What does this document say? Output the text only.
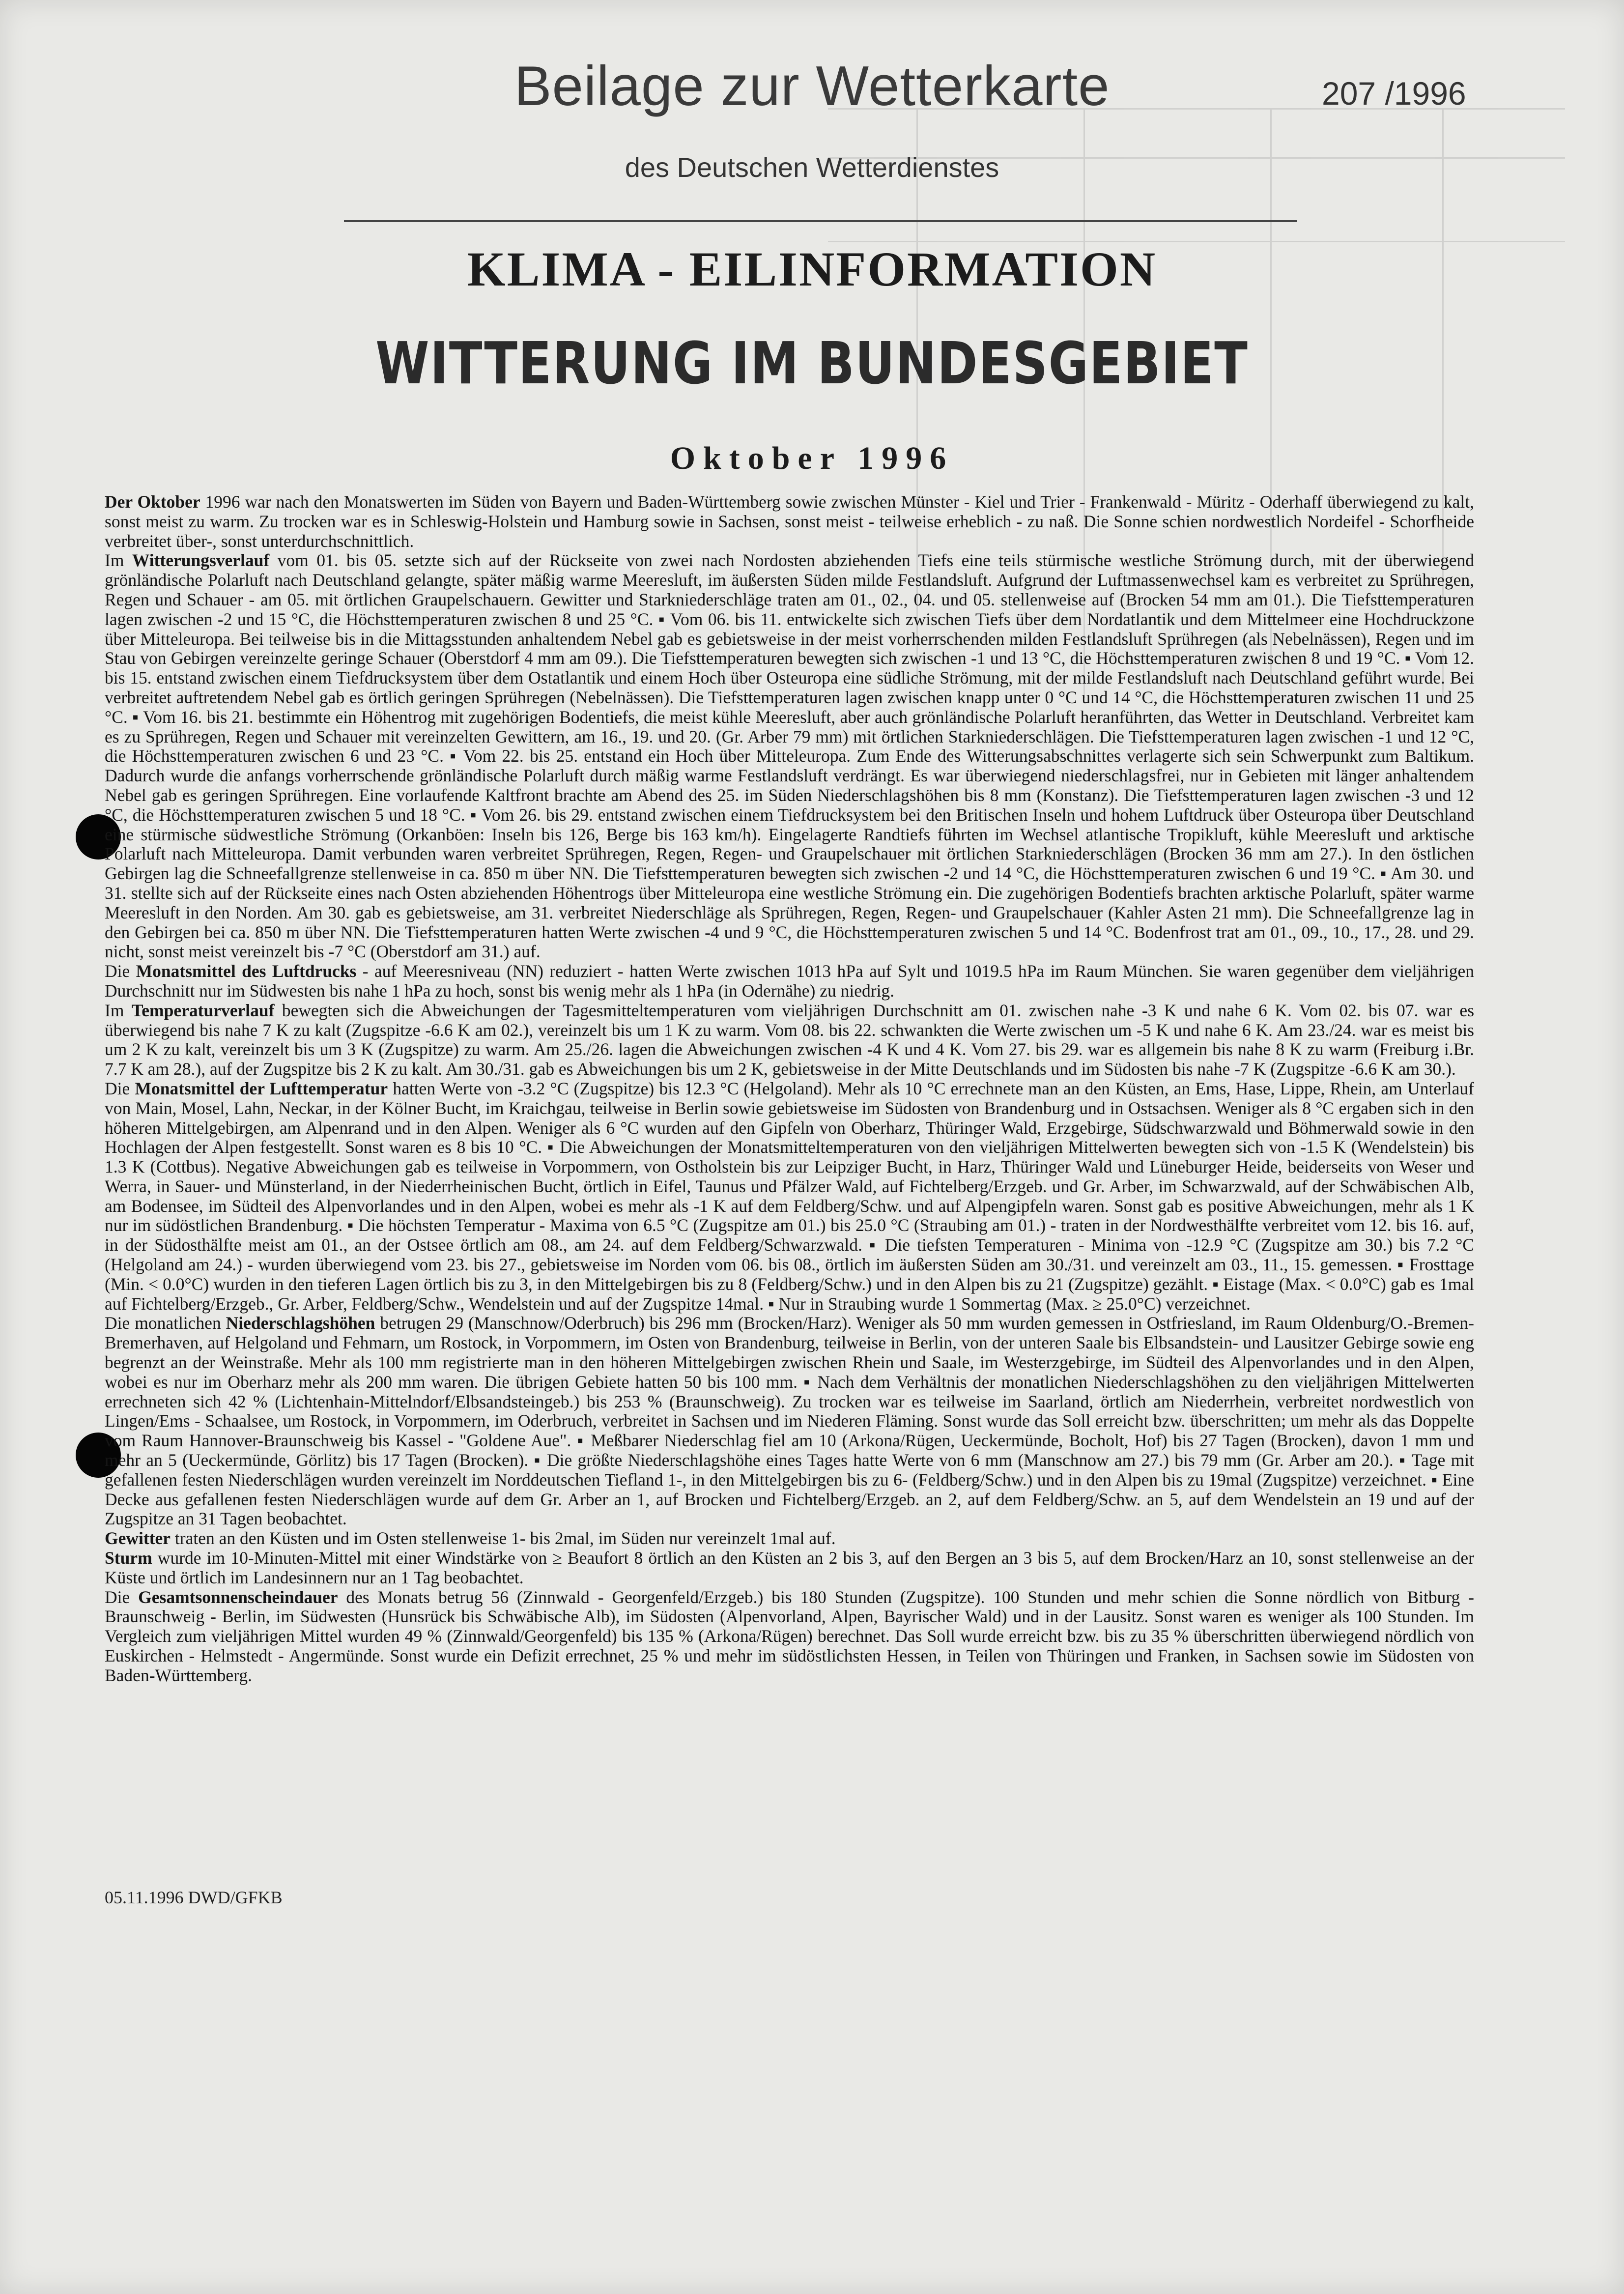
Beilage zur Wetterkarte	207 /1996
des Deutschen Wetterdienstes
KLIMA - EILINFORMATION
WITTERUNG IM BUNDESGEBIET
Oktober 1996

Der Oktober 1996 war nach den Monatswerten im Süden von Bayern und Baden-Württemberg sowie zwischen Münster - Kiel und Trier - Frankenwald - Müritz - Oderhaff überwiegend zu kalt, sonst meist zu warm. Zu trocken war es in Schleswig-Holstein und Hamburg sowie in Sachsen, sonst meist - teilweise erheblich - zu naß. Die Sonne schien nordwestlich Nordeifel - Schorfheide verbreitet über-, sonst unterdurchschnittlich.

Im Witterungsverlauf vom 01. bis 05. setzte sich auf der Rückseite von zwei nach Nordosten abziehenden Tiefs eine teils stürmische westliche Strömung durch, mit der überwiegend grönländische Polarluft nach Deutschland gelangte, später mäßig warme Meeresluft, im äußersten Süden milde Festlandsluft. Aufgrund der Luftmassenwechsel kam es verbreitet zu Sprühregen, Regen und Schauer - am 05. mit örtlichen Graupelschauern. Gewitter und Starkniederschläge traten am 01., 02., 04. und 05. stellenweise auf (Brocken 54 mm am 01.). Die Tiefsttemperaturen lagen zwischen -2 und 15 °C, die Höchsttemperaturen zwischen 8 und 25 °C. ▪ Vom 06. bis 11. entwickelte sich zwischen Tiefs über dem Nordatlantik und dem Mittelmeer eine Hochdruckzone über Mitteleuropa. Bei teilweise bis in die Mittagsstunden anhaltendem Nebel gab es gebietsweise in der meist vorherrschenden milden Festlandsluft Sprühregen (als Nebelnässen), Regen und im Stau von Gebirgen vereinzelte geringe Schauer (Oberstdorf 4 mm am 09.). Die Tiefsttemperaturen bewegten sich zwischen -1 und 13 °C, die Höchsttemperaturen zwischen 8 und 19 °C. ▪ Vom 12. bis 15. entstand zwischen einem Tiefdrucksystem über dem Ostatlantik und einem Hoch über Osteuropa eine südliche Strömung, mit der milde Festlandsluft nach Deutschland geführt wurde. Bei verbreitet auftretendem Nebel gab es örtlich geringen Sprühregen (Nebelnässen). Die Tiefsttemperaturen lagen zwischen knapp unter 0 °C und 14 °C, die Höchsttemperaturen zwischen 11 und 25 °C. ▪ Vom 16. bis 21. bestimmte ein Höhentrog mit zugehörigen Bodentiefs, die meist kühle Meeresluft, aber auch grönländische Polarluft heranführten, das Wetter in Deutschland. Verbreitet kam es zu Sprühregen, Regen und Schauer mit vereinzelten Gewittern, am 16., 19. und 20. (Gr. Arber 79 mm) mit örtlichen Starkniederschlägen. Die Tiefsttemperaturen lagen zwischen -1 und 12 °C, die Höchsttemperaturen zwischen 6 und 23 °C. ▪ Vom 22. bis 25. entstand ein Hoch über Mitteleuropa. Zum Ende des Witterungsabschnittes verlagerte sich sein Schwerpunkt zum Baltikum. Dadurch wurde die anfangs vorherrschende grönländische Polarluft durch mäßig warme Festlandsluft verdrängt. Es war überwiegend niederschlagsfrei, nur in Gebieten mit länger anhaltendem Nebel gab es geringen Sprühregen. Eine vorlaufende Kaltfront brachte am Abend des 25. im Süden Niederschlagshöhen bis 8 mm (Konstanz). Die Tiefsttemperaturen lagen zwischen -3 und 12 °C, die Höchsttemperaturen zwischen 5 und 18 °C. ▪ Vom 26. bis 29. entstand zwischen einem Tiefdrucksystem bei den Britischen Inseln und hohem Luftdruck über Osteuropa über Deutschland eine stürmische südwestliche Strömung (Orkanböen: Inseln bis 126, Berge bis 163 km/h). Eingelagerte Randtiefs führten im Wechsel atlantische Tropikluft, kühle Meeresluft und arktische Polarluft nach Mitteleuropa. Damit verbunden waren verbreitet Sprühregen, Regen, Regen- und Graupelschauer mit örtlichen Starkniederschlägen (Brocken 36 mm am 27.). In den östlichen Gebirgen lag die Schneefallgrenze stellenweise in ca. 850 m über NN. Die Tiefsttemperaturen bewegten sich zwischen -2 und 14 °C, die Höchsttemperaturen zwischen 6 und 19 °C. ▪ Am 30. und 31. stellte sich auf der Rückseite eines nach Osten abziehenden Höhentrogs über Mitteleuropa eine westliche Strömung ein. Die zugehörigen Bodentiefs brachten arktische Polarluft, später warme Meeresluft in den Norden. Am 30. gab es gebietsweise, am 31. verbreitet Niederschläge als Sprühregen, Regen, Regen- und Graupelschauer (Kahler Asten 21 mm). Die Schneefallgrenze lag in den Gebirgen bei ca. 850 m über NN. Die Tiefsttemperaturen hatten Werte zwischen -4 und 9 °C, die Höchsttemperaturen zwischen 5 und 14 °C. Bodenfrost trat am 01., 09., 10., 17., 28. und 29. nicht, sonst meist vereinzelt bis -7 °C (Oberstdorf am 31.) auf.

Die Monatsmittel des Luftdrucks - auf Meeresniveau (NN) reduziert - hatten Werte zwischen 1013 hPa auf Sylt und 1019.5 hPa im Raum München. Sie waren gegenüber dem vieljährigen Durchschnitt nur im Südwesten bis nahe 1 hPa zu hoch, sonst bis wenig mehr als 1 hPa (in Odernähe) zu niedrig.

Im Temperaturverlauf bewegten sich die Abweichungen der Tagesmitteltemperaturen vom vieljährigen Durchschnitt am 01. zwischen nahe -3 K und nahe 6 K. Vom 02. bis 07. war es überwiegend bis nahe 7 K zu kalt (Zugspitze -6.6 K am 02.), vereinzelt bis um 1 K zu warm. Vom 08. bis 22. schwankten die Werte zwischen um -5 K und nahe 6 K. Am 23./24. war es meist bis um 2 K zu kalt, vereinzelt bis um 3 K (Zugspitze) zu warm. Am 25./26. lagen die Abweichungen zwischen -4 K und 4 K. Vom 27. bis 29. war es allgemein bis nahe 8 K zu warm (Freiburg i.Br. 7.7 K am 28.), auf der Zugspitze bis 2 K zu kalt. Am 30./31. gab es Abweichungen bis um 2 K, gebietsweise in der Mitte Deutschlands und im Südosten bis nahe -7 K (Zugspitze -6.6 K am 30.).

Die Monatsmittel der Lufttemperatur hatten Werte von -3.2 °C (Zugspitze) bis 12.3 °C (Helgoland). Mehr als 10 °C errechnete man an den Küsten, an Ems, Hase, Lippe, Rhein, am Unterlauf von Main, Mosel, Lahn, Neckar, in der Kölner Bucht, im Kraichgau, teilweise in Berlin sowie gebietsweise im Südosten von Brandenburg und in Ostsachsen. Weniger als 8 °C ergaben sich in den höheren Mittelgebirgen, am Alpenrand und in den Alpen. Weniger als 6 °C wurden auf den Gipfeln von Oberharz, Thüringer Wald, Erzgebirge, Südschwarzwald und Böhmerwald sowie in den Hochlagen der Alpen festgestellt. Sonst waren es 8 bis 10 °C. ▪ Die Abweichungen der Monatsmitteltemperaturen von den vieljährigen Mittelwerten bewegten sich von -1.5 K (Wendelstein) bis 1.3 K (Cottbus). Negative Abweichungen gab es teilweise in Vorpommern, von Ostholstein bis zur Leipziger Bucht, in Harz, Thüringer Wald und Lüneburger Heide, beiderseits von Weser und Werra, in Sauer- und Münsterland, in der Niederrheinischen Bucht, örtlich in Eifel, Taunus und Pfälzer Wald, auf Fichtelberg/Erzgeb. und Gr. Arber, im Schwarzwald, auf der Schwäbischen Alb, am Bodensee, im Südteil des Alpenvorlandes und in den Alpen, wobei es mehr als -1 K auf dem Feldberg/Schw. und auf Alpengipfeln waren. Sonst gab es positive Abweichungen, mehr als 1 K nur im südöstlichen Brandenburg. ▪ Die höchsten Temperatur - Maxima von 6.5 °C (Zugspitze am 01.) bis 25.0 °C (Straubing am 01.) - traten in der Nordwesthälfte verbreitet vom 12. bis 16. auf, in der Südosthälfte meist am 01., an der Ostsee örtlich am 08., am 24. auf dem Feldberg/Schwarzwald. ▪ Die tiefsten Temperaturen - Minima von -12.9 °C (Zugspitze am 30.) bis 7.2 °C (Helgoland am 24.) - wurden überwiegend vom 23. bis 27., gebietsweise im Norden vom 06. bis 08., örtlich im äußersten Süden am 30./31. und vereinzelt am 03., 11., 15. gemessen. ▪ Frosttage (Min. < 0.0°C) wurden in den tieferen Lagen örtlich bis zu 3, in den Mittelgebirgen bis zu 8 (Feldberg/Schw.) und in den Alpen bis zu 21 (Zugspitze) gezählt. ▪ Eistage (Max. < 0.0°C) gab es 1mal auf Fichtelberg/Erzgeb., Gr. Arber, Feldberg/Schw., Wendelstein und auf der Zugspitze 14mal. ▪ Nur in Straubing wurde 1 Sommertag (Max. ≥ 25.0°C) verzeichnet.

Die monatlichen Niederschlagshöhen betrugen 29 (Manschnow/Oderbruch) bis 296 mm (Brocken/Harz). Weniger als 50 mm wurden gemessen in Ostfriesland, im Raum Oldenburg/O.-Bremen-Bremerhaven, auf Helgoland und Fehmarn, um Rostock, in Vorpommern, im Osten von Brandenburg, teilweise in Berlin, von der unteren Saale bis Elbsandstein- und Lausitzer Gebirge sowie eng begrenzt an der Weinstraße. Mehr als 100 mm registrierte man in den höheren Mittelgebirgen zwischen Rhein und Saale, im Westerzgebirge, im Südteil des Alpenvorlandes und in den Alpen, wobei es nur im Oberharz mehr als 200 mm waren. Die übrigen Gebiete hatten 50 bis 100 mm. ▪ Nach dem Verhältnis der monatlichen Niederschlagshöhen zu den vieljährigen Mittelwerten errechneten sich 42 % (Lichtenhain-Mittelndorf/Elbsandsteingeb.) bis 253 % (Braunschweig). Zu trocken war es teilweise im Saarland, örtlich am Niederrhein, verbreitet nordwestlich von Lingen/Ems - Schaalsee, um Rostock, in Vorpommern, im Oderbruch, verbreitet in Sachsen und im Niederen Fläming. Sonst wurde das Soll erreicht bzw. überschritten; um mehr als das Doppelte vom Raum Hannover-Braunschweig bis Kassel - "Goldene Aue". ▪ Meßbarer Niederschlag fiel am 10 (Arkona/Rügen, Ueckermünde, Bocholt, Hof) bis 27 Tagen (Brocken), davon 1 mm und mehr an 5 (Ueckermünde, Görlitz) bis 17 Tagen (Brocken). ▪ Die größte Niederschlagshöhe eines Tages hatte Werte von 6 mm (Manschnow am 27.) bis 79 mm (Gr. Arber am 20.). ▪ Tage mit gefallenen festen Niederschlägen wurden vereinzelt im Norddeutschen Tiefland 1-, in den Mittelgebirgen bis zu 6- (Feldberg/Schw.) und in den Alpen bis zu 19mal (Zugspitze) verzeichnet. ▪ Eine Decke aus gefallenen festen Niederschlägen wurde auf dem Gr. Arber an 1, auf Brocken und Fichtelberg/Erzgeb. an 2, auf dem Feldberg/Schw. an 5, auf dem Wendelstein an 19 und auf der Zugspitze an 31 Tagen beobachtet.

Gewitter traten an den Küsten und im Osten stellenweise 1- bis 2mal, im Süden nur vereinzelt 1mal auf.

Sturm wurde im 10-Minuten-Mittel mit einer Windstärke von ≥ Beaufort 8 örtlich an den Küsten an 2 bis 3, auf den Bergen an 3 bis 5, auf dem Brocken/Harz an 10, sonst stellenweise an der Küste und örtlich im Landesinnern nur an 1 Tag beobachtet.

Die Gesamtsonnenscheindauer des Monats betrug 56 (Zinnwald - Georgenfeld/Erzgeb.) bis 180 Stunden (Zugspitze). 100 Stunden und mehr schien die Sonne nördlich von Bitburg - Braunschweig - Berlin, im Südwesten (Hunsrück bis Schwäbische Alb), im Südosten (Alpenvorland, Alpen, Bayrischer Wald) und in der Lausitz. Sonst waren es weniger als 100 Stunden. Im Vergleich zum vieljährigen Mittel wurden 49 % (Zinnwald/Georgenfeld) bis 135 % (Arkona/Rügen) berechnet. Das Soll wurde erreicht bzw. bis zu 35 % überschritten überwiegend nördlich von Euskirchen - Helmstedt - Angermünde. Sonst wurde ein Defizit errechnet, 25 % und mehr im südöstlichsten Hessen, in Teilen von Thüringen und Franken, in Sachsen sowie im Südosten von Baden-Württemberg.

05.11.1996 DWD/GFKB
